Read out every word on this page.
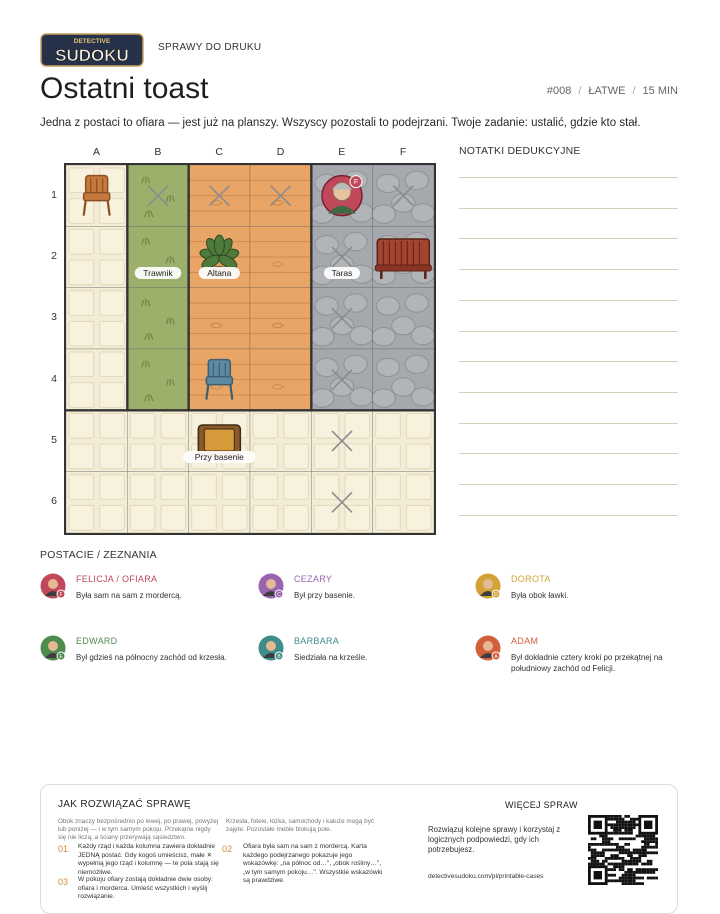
DETECTIVE
SUDOKU	SPRAWY DO DRUKU
Ostatni toast	#008 / ŁATWE / 15 MIN
Jedna z postaci to ofiara — jest już na planszy. Wszyscy pozostali to podejrzani. Twoje zadanie: ustalić, gdzie kto stał.
A	B	C	D	E	F
1
2
3
4
5
6
F
Trawnik	Altana	Taras
Przy basenie
NOTATKI DEDUKCYJNE
POSTACIE / ZEZNANIA
F
FELICJA / OFIARA
Była sam na sam z mordercą.	C
CEZARY
Był przy basenie.	D
DOROTA
Była obok ławki.
E
EDWARD
Był gdzieś na północny zachód od krzesła.	B
BARBARA
Siedziała na krześle.	A
ADAM
Był dokładnie cztery kroki po przekątnej na południowy zachód od Felicji.
JAK ROZWIĄZAĆ SPRAWĘ
Obok znaczy bezpośrednio po lewej, po prawej, powyżej lub poniżej — i w tym samym pokoju. Przekątne nigdy się nie liczą, a ściany przerywają sąsiedztwo.
Krzesła, fotele, łóżka, samochody i kałuże mogą być zajęte. Pozostałe meble blokują pole.
01 Każdy rząd i każda kolumna zawiera dokładnie JEDNĄ postać. Gdy kogoś umieścisz, małe ✕ wypełnią jego rząd i kolumnę — te pola stają się niemożliwe.
02 Ofiara była sam na sam z mordercą. Karta każdego podejrzanego pokazuje jego wskazówkę: „na północ od…", „obok rośliny…", „w tym samym pokoju…". Wszystkie wskazówki są prawdziwe.
03 W pokoju ofiary zostają dokładnie dwie osoby: ofiara i morderca. Umieść wszystkich i wyślij rozwiązanie.
WIĘCEJ SPRAW
Rozwiązuj kolejne sprawy i korzystaj z logicznych podpowiedzi, gdy ich potrzebujesz.
detectivesudoku.com/pl/printable-cases
